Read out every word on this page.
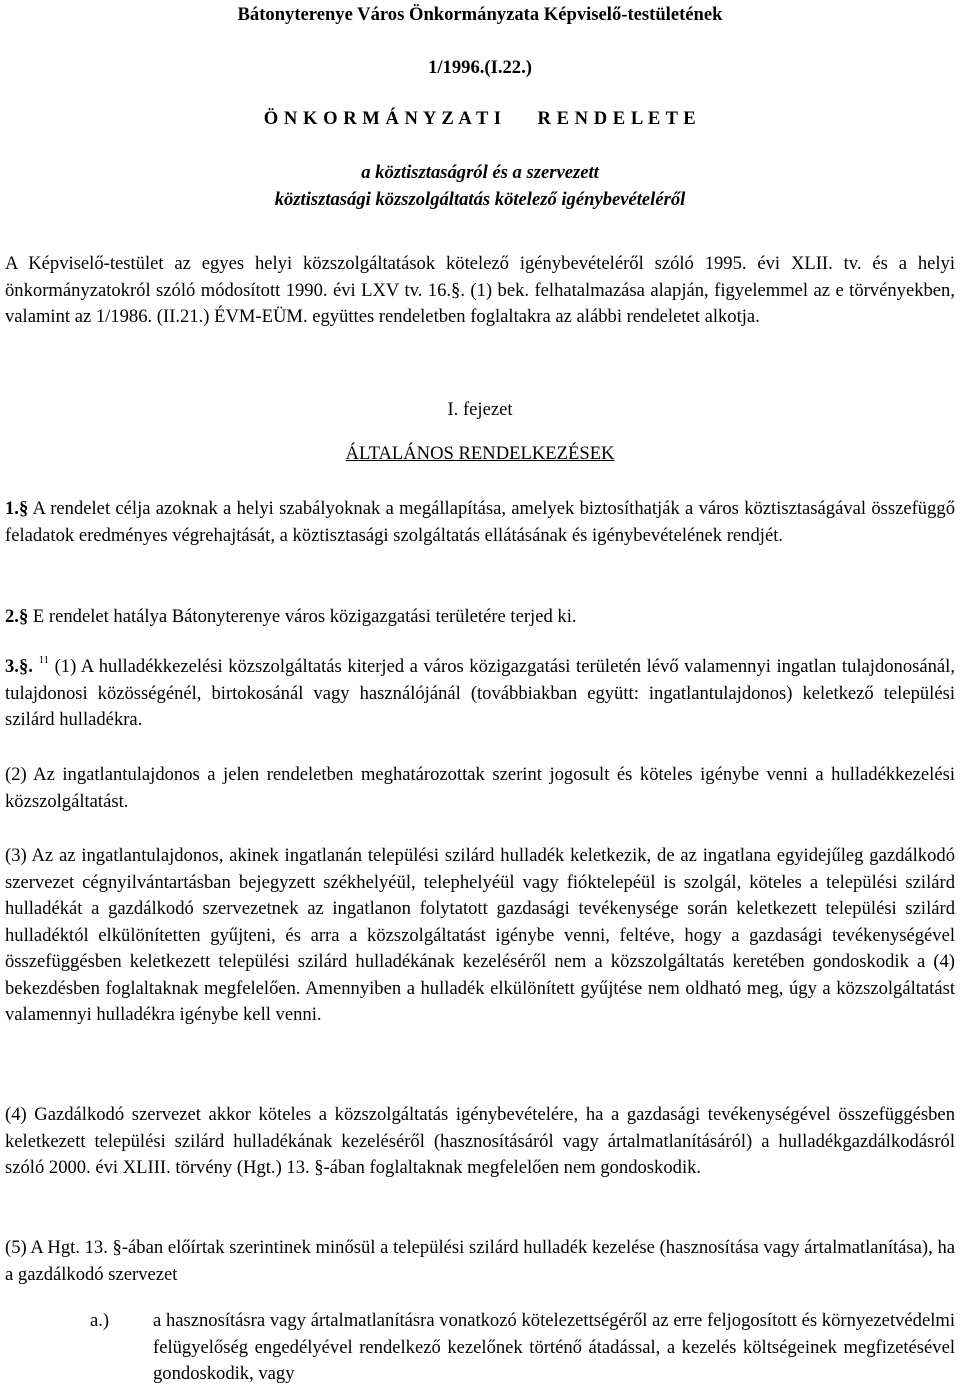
Bátonyterenye Város Önkormányzata Képviselő-testületének

1/1996.(I.22.)

Ö N K O R M Á N Y Z A T I R E N D E L E T E

a köztisztaságról és a szervezett

köztisztasági közszolgáltatás kötelező igénybevételéről

A Képviselő-testület az egyes helyi közszolgáltatások kötelező igénybevételéről szóló 1995. évi XLII. tv. és a helyi önkormányzatokról szóló módosított 1990. évi LXV tv. 16.§. (1) bek. felhatalmazása alapján, figyelemmel az e törvényekben, valamint az 1/1986. (II.21.) ÉVM-EÜM. együttes rendeletben foglaltakra az alábbi rendeletet alkotja.

I. fejezet

ÁLTALÁNOS RENDELKEZÉSEK

1.§ A rendelet célja azoknak a helyi szabályoknak a megállapítása, amelyek biztosíthatják a város köztisztaságával összefüggő feladatok eredményes végrehajtását, a köztisztasági szolgáltatás ellátásának és igénybevételének rendjét.

2.§ E rendelet hatálya Bátonyterenye város közigazgatási területére terjed ki.

3.§. $^{11}$ (1) A hulladékkezelési közszolgáltatás kiterjed a város közigazgatási területén lévő valamennyi ingatlan tulajdonosánál, tulajdonosi közösségénél, birtokosánál vagy használójánál (továbbiakban együtt: ingatlantulajdonos) keletkező települési szilárd hulladékra.

(2) Az ingatlantulajdonos a jelen rendeletben meghatározottak szerint jogosult és köteles igénybe venni a hulladékkezelési közszolgáltatást.

(3) Az az ingatlantulajdonos, akinek ingatlanán települési szilárd hulladék keletkezik, de az ingatlana egyidejűleg gazdálkodó szervezet cégnyilvántartásban bejegyzett székhelyéül, telephelyéül vagy fióktelepéül is szolgál, köteles a települési szilárd hulladékát a gazdálkodó szervezetnek az ingatlanon folytatott gazdasági tevékenysége során keletkezett települési szilárd hulladéktól elkülönítetten gyűjteni, és arra a közszolgáltatást igénybe venni, feltéve, hogy a gazdasági tevékenységével összefüggésben keletkezett települési szilárd hulladékának kezeléséről nem a közszolgáltatás keretében gondoskodik a (4) bekezdésben foglaltaknak megfelelően. Amennyiben a hulladék elkülönített gyűjtése nem oldható meg, úgy a közszolgáltatást valamennyi hulladékra igénybe kell venni.

(4) Gazdálkodó szervezet akkor köteles a közszolgáltatás igénybevételére, ha a gazdasági tevékenységével összefüggésben keletkezett települési szilárd hulladékának kezeléséről (hasznosításáról vagy ártalmatlanításáról) a hulladékgazdálkodásról szóló 2000. évi XLIII. törvény (Hgt.) 13. §-ában foglaltaknak megfelelően nem gondoskodik.

(5) A Hgt. 13. §-ában előírtak szerintinek minősül a települési szilárd hulladék kezelése (hasznosítása vagy ártalmatlanítása), ha a gazdálkodó szervezet

a.) a hasznosításra vagy ártalmatlanításra vonatkozó kötelezettségéről az erre feljogosított és környezetvédelmi felügyelőség engedélyével rendelkező kezelőnek történő átadással, a kezelés költségeinek megfizetésével gondoskodik, vagy
